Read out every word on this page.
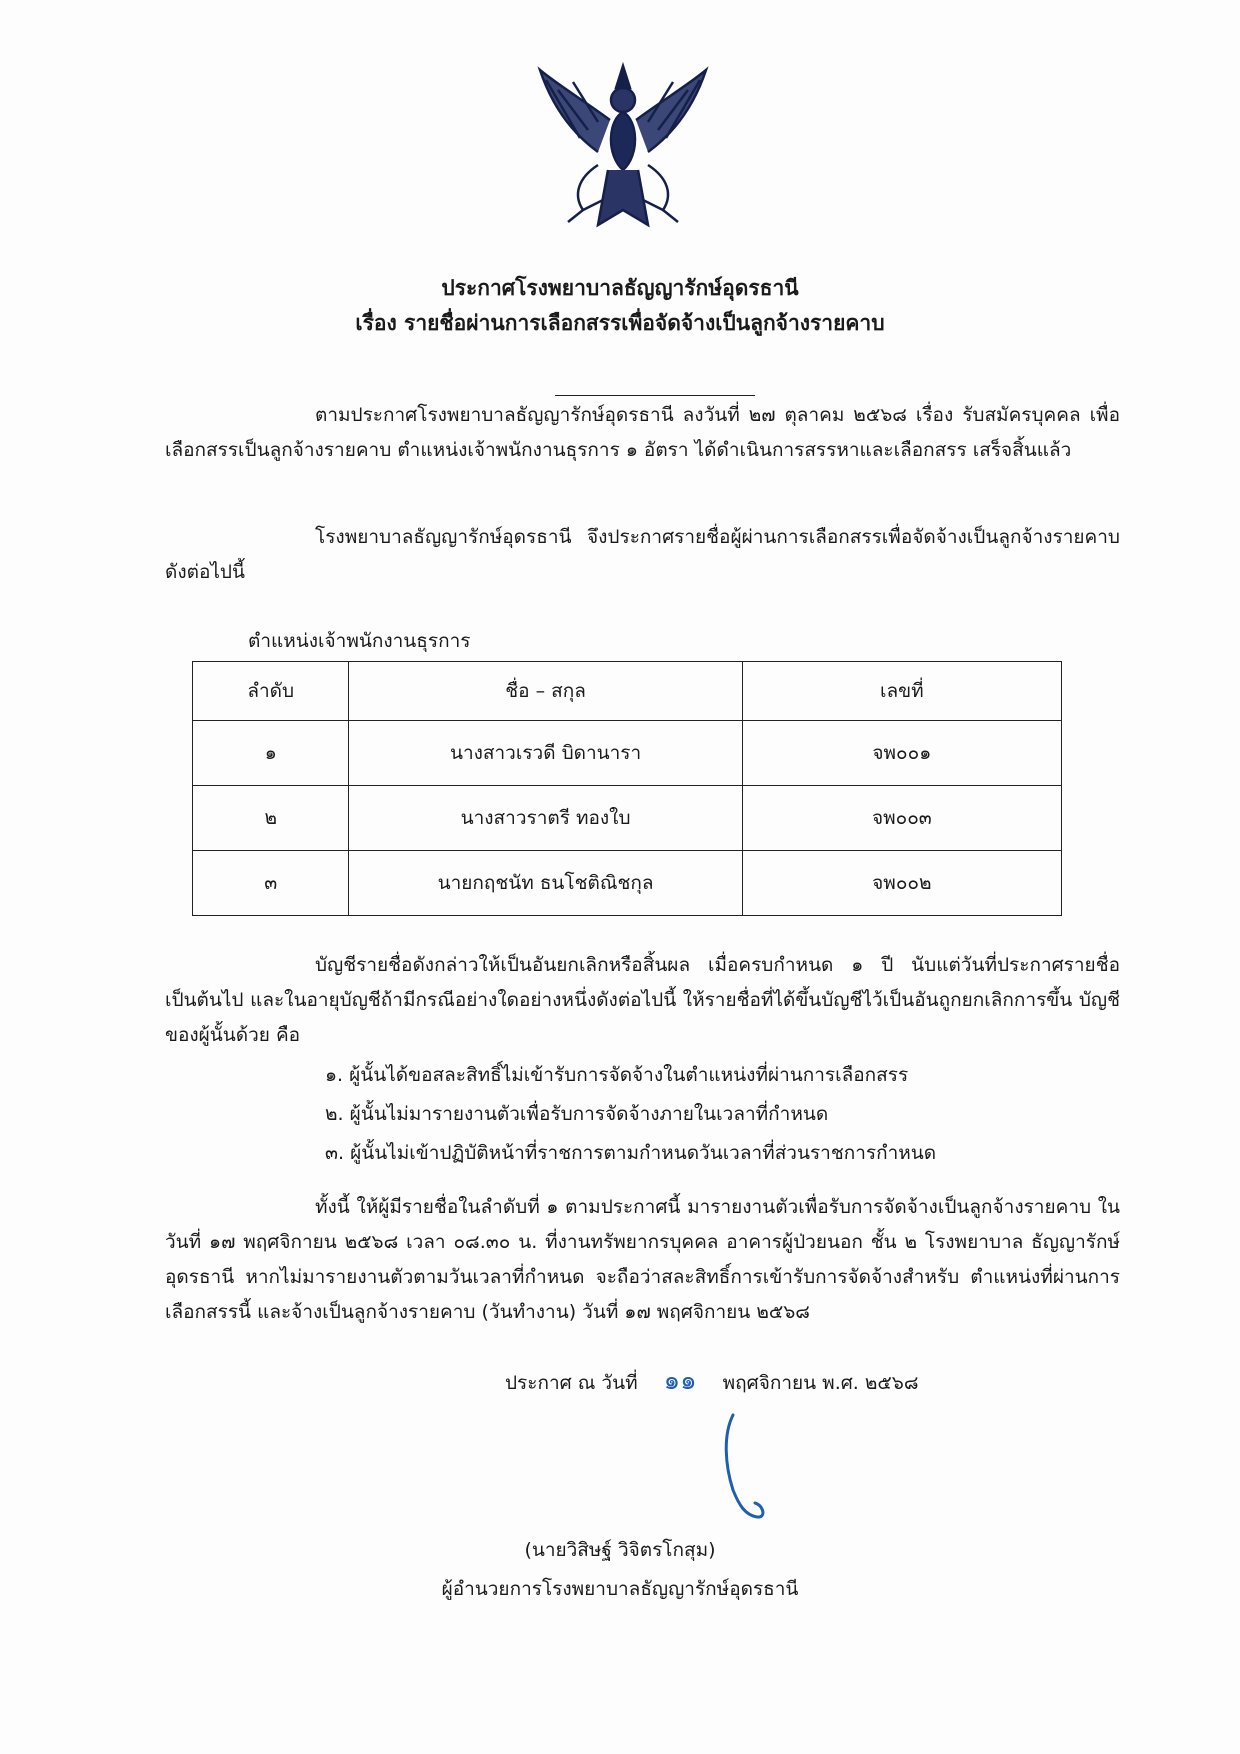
ประกาศโรงพยาบาลธัญญารักษ์อุดรธานี
เรื่อง รายชื่อผ่านการเลือกสรรเพื่อจัดจ้างเป็นลูกจ้างรายคาบ
ตามประกาศโรงพยาบาลธัญญารักษ์อุดรธานี ลงวันที่ ๒๗ ตุลาคม ๒๕๖๘ เรื่อง รับสมัครบุคคล เพื่อเลือกสรรเป็นลูกจ้างรายคาบ ตำแหน่งเจ้าพนักงานธุรการ ๑ อัตรา ได้ดำเนินการสรรหาและเลือกสรร เสร็จสิ้นแล้ว
โรงพยาบาลธัญญารักษ์อุดรธานี จึงประกาศรายชื่อผู้ผ่านการเลือกสรรเพื่อจัดจ้างเป็นลูกจ้างรายคาบ ดังต่อไปนี้
ตำแหน่งเจ้าพนักงานธุรการ
ลำดับ	ชื่อ – สกุล	เลขที่
๑	นางสาวเรวดี บิดานารา	จพ๐๐๑
๒	นางสาวราตรี ทองใบ	จพ๐๐๓
๓	นายกฤชนัท ธนโชติณิชกุล	จพ๐๐๒
บัญชีรายชื่อดังกล่าวให้เป็นอันยกเลิกหรือสิ้นผล เมื่อครบกำหนด ๑ ปี นับแต่วันที่ประกาศรายชื่อ เป็นต้นไป และในอายุบัญชีถ้ามีกรณีอย่างใดอย่างหนึ่งดังต่อไปนี้ ให้รายชื่อที่ได้ขึ้นบัญชีไว้เป็นอันถูกยกเลิกการขึ้น บัญชีของผู้นั้นด้วย คือ
๑. ผู้นั้นได้ขอสละสิทธิ์ไม่เข้ารับการจัดจ้างในตำแหน่งที่ผ่านการเลือกสรร
๒. ผู้นั้นไม่มารายงานตัวเพื่อรับการจัดจ้างภายในเวลาที่กำหนด
๓. ผู้นั้นไม่เข้าปฏิบัติหน้าที่ราชการตามกำหนดวันเวลาที่ส่วนราชการกำหนด
ทั้งนี้ ให้ผู้มีรายชื่อในลำดับที่ ๑ ตามประกาศนี้ มารายงานตัวเพื่อรับการจัดจ้างเป็นลูกจ้างรายคาบ ในวันที่ ๑๗ พฤศจิกายน ๒๕๖๘ เวลา ๐๘.๓๐ น. ที่งานทรัพยากรบุคคล อาคารผู้ป่วยนอก ชั้น ๒ โรงพยาบาล ธัญญารักษ์อุดรธานี หากไม่มารายงานตัวตามวันเวลาที่กำหนด จะถือว่าสละสิทธิ์การเข้ารับการจัดจ้างสำหรับ ตำแหน่งที่ผ่านการเลือกสรรนี้ และจ้างเป็นลูกจ้างรายคาบ (วันทำงาน) วันที่ ๑๗ พฤศจิกายน ๒๕๖๘
ประกาศ ณ วันที่ ๑๑ พฤศจิกายน พ.ศ. ๒๕๖๘
(นายวิสิษฐ์ วิจิตรโกสุม)
ผู้อำนวยการโรงพยาบาลธัญญารักษ์อุดรธานี
